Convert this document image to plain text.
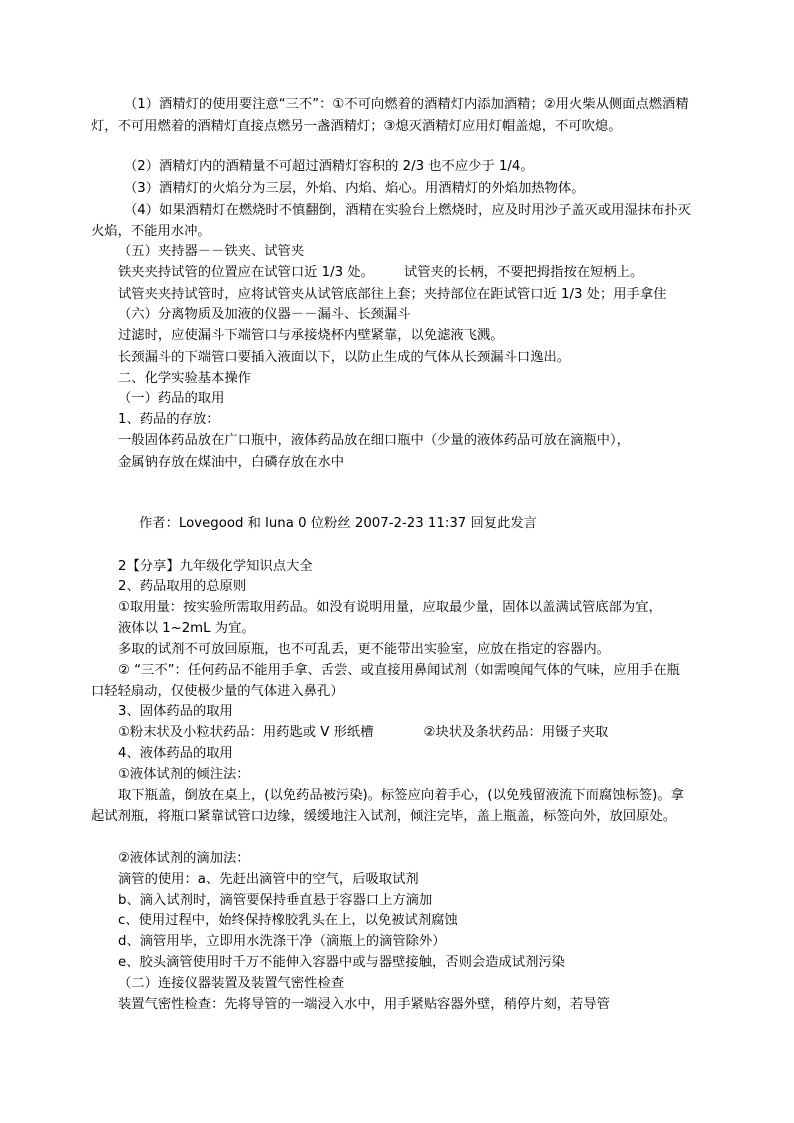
（1）酒精灯的使用要注意“三不”：①不可向燃着的酒精灯内添加酒精；②用火柴从侧面点燃酒精
灯，不可用燃着的酒精灯直接点燃另一盏酒精灯；③熄灭酒精灯应用灯帽盖熄，不可吹熄。
（2）酒精灯内的酒精量不可超过酒精灯容积的 2/3 也不应少于 1/4。
（3）酒精灯的火焰分为三层，外焰、内焰、焰心。用酒精灯的外焰加热物体。
（4）如果酒精灯在燃烧时不慎翻倒，酒精在实验台上燃烧时，应及时用沙子盖灭或用湿抹布扑灭
火焰，不能用水冲。
（五）夹持器－－铁夹、试管夹
铁夹夹持试管的位置应在试管口近 1/3 处。 试管夹的长柄，不要把拇指按在短柄上。
试管夹夹持试管时，应将试管夹从试管底部往上套；夹持部位在距试管口近 1/3 处；用手拿住
（六）分离物质及加液的仪器－－漏斗、长颈漏斗
过滤时，应使漏斗下端管口与承接烧杯内壁紧靠，以免滤液飞溅。
长颈漏斗的下端管口要插入液面以下，以防止生成的气体从长颈漏斗口逸出。
二、化学实验基本操作
（一）药品的取用
1、药品的存放：
一般固体药品放在广口瓶中，液体药品放在细口瓶中（少量的液体药品可放在滴瓶中），
金属钠存放在煤油中，白磷存放在水中
作者：Lovegood 和 luna 0 位粉丝 2007-2-23 11:37 回复此发言
2【分享】九年级化学知识点大全
2、药品取用的总原则
①取用量：按实验所需取用药品。如没有说明用量，应取最少量，固体以盖满试管底部为宜，
液体以 1~2mL 为宜。
多取的试剂不可放回原瓶，也不可乱丢，更不能带出实验室，应放在指定的容器内。
② “三不”：任何药品不能用手拿、舌尝、或直接用鼻闻试剂（如需嗅闻气体的气味，应用手在瓶
口轻轻扇动，仅使极少量的气体进入鼻孔）
3、固体药品的取用
①粉末状及小粒状药品：用药匙或 V 形纸槽	②块状及条状药品：用镊子夹取
4、液体药品的取用
①液体试剂的倾注法：
取下瓶盖，倒放在桌上，(以免药品被污染)。标签应向着手心，(以免残留液流下而腐蚀标签)。拿
起试剂瓶，将瓶口紧靠试管口边缘，缓缓地注入试剂，倾注完毕，盖上瓶盖，标签向外，放回原处。
②液体试剂的滴加法：
滴管的使用：a、先赶出滴管中的空气，后吸取试剂
b、滴入试剂时，滴管要保持垂直悬于容器口上方滴加
c、使用过程中，始终保持橡胶乳头在上，以免被试剂腐蚀
d、滴管用毕，立即用水洗涤干净（滴瓶上的滴管除外）
e、胶头滴管使用时千万不能伸入容器中或与器壁接触，否则会造成试剂污染
（二）连接仪器装置及装置气密性检查
装置气密性检查：先将导管的一端浸入水中，用手紧贴容器外壁，稍停片刻，若导管
